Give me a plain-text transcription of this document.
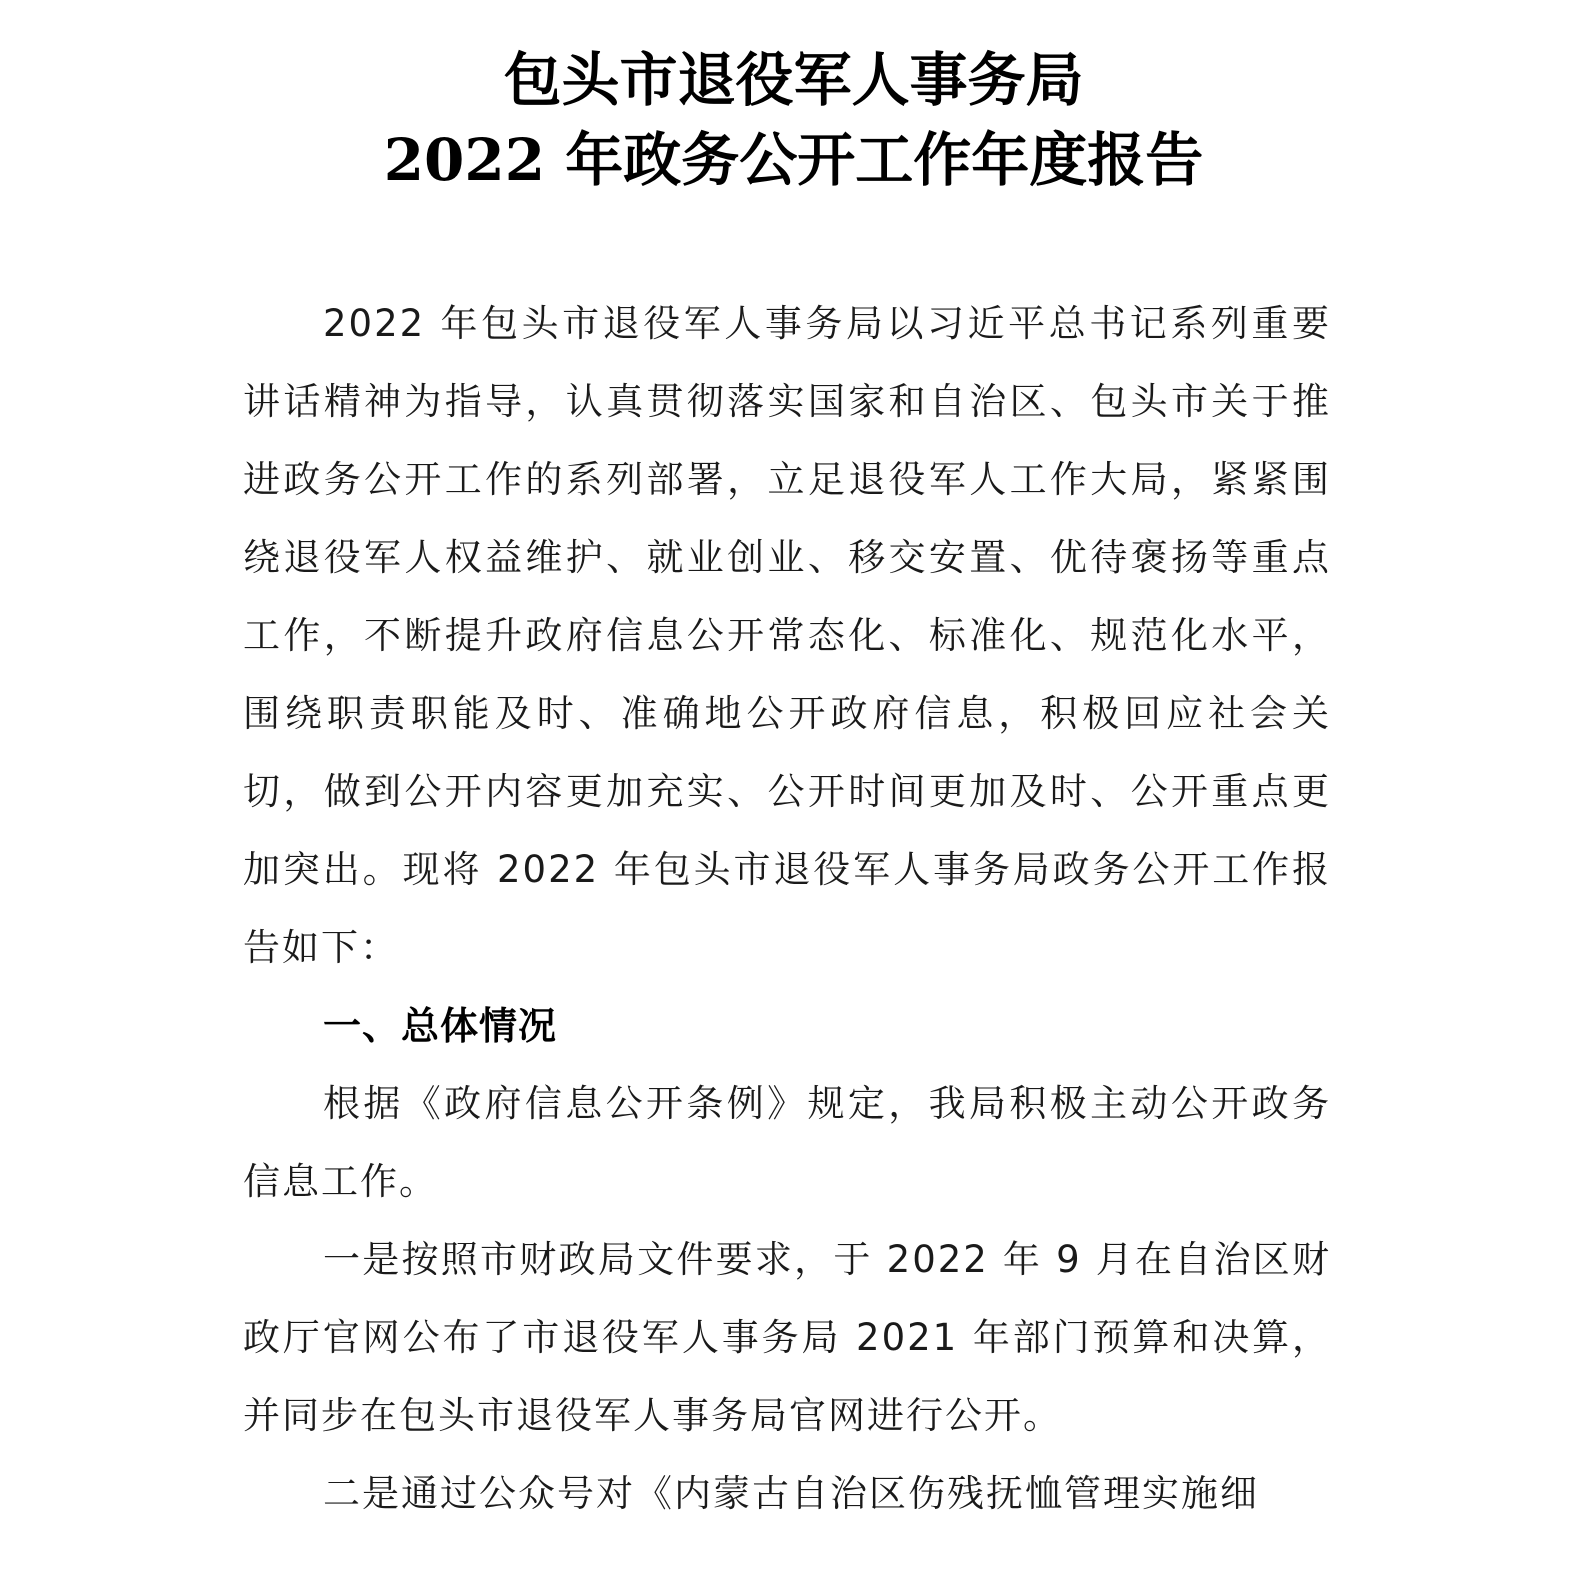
包头市退役军人事务局
2022 年政务公开工作年度报告

2022 年包头市退役军人事务局以习近平总书记系列重要讲话精神为指导，认真贯彻落实国家和自治区、包头市关于推进政务公开工作的系列部署，立足退役军人工作大局，紧紧围绕退役军人权益维护、就业创业、移交安置、优待褒扬等重点工作，不断提升政府信息公开常态化、标准化、规范化水平，围绕职责职能及时、准确地公开政府信息，积极回应社会关切，做到公开内容更加充实、公开时间更加及时、公开重点更加突出。现将 2022 年包头市退役军人事务局政务公开工作报告如下：

一、总体情况

根据《政府信息公开条例》规定，我局积极主动公开政务信息工作。

一是按照市财政局文件要求，于 2022 年 9 月在自治区财政厅官网公布了市退役军人事务局 2021 年部门预算和决算，并同步在包头市退役军人事务局官网进行公开。

二是通过公众号对《内蒙古自治区伤残抚恤管理实施细
